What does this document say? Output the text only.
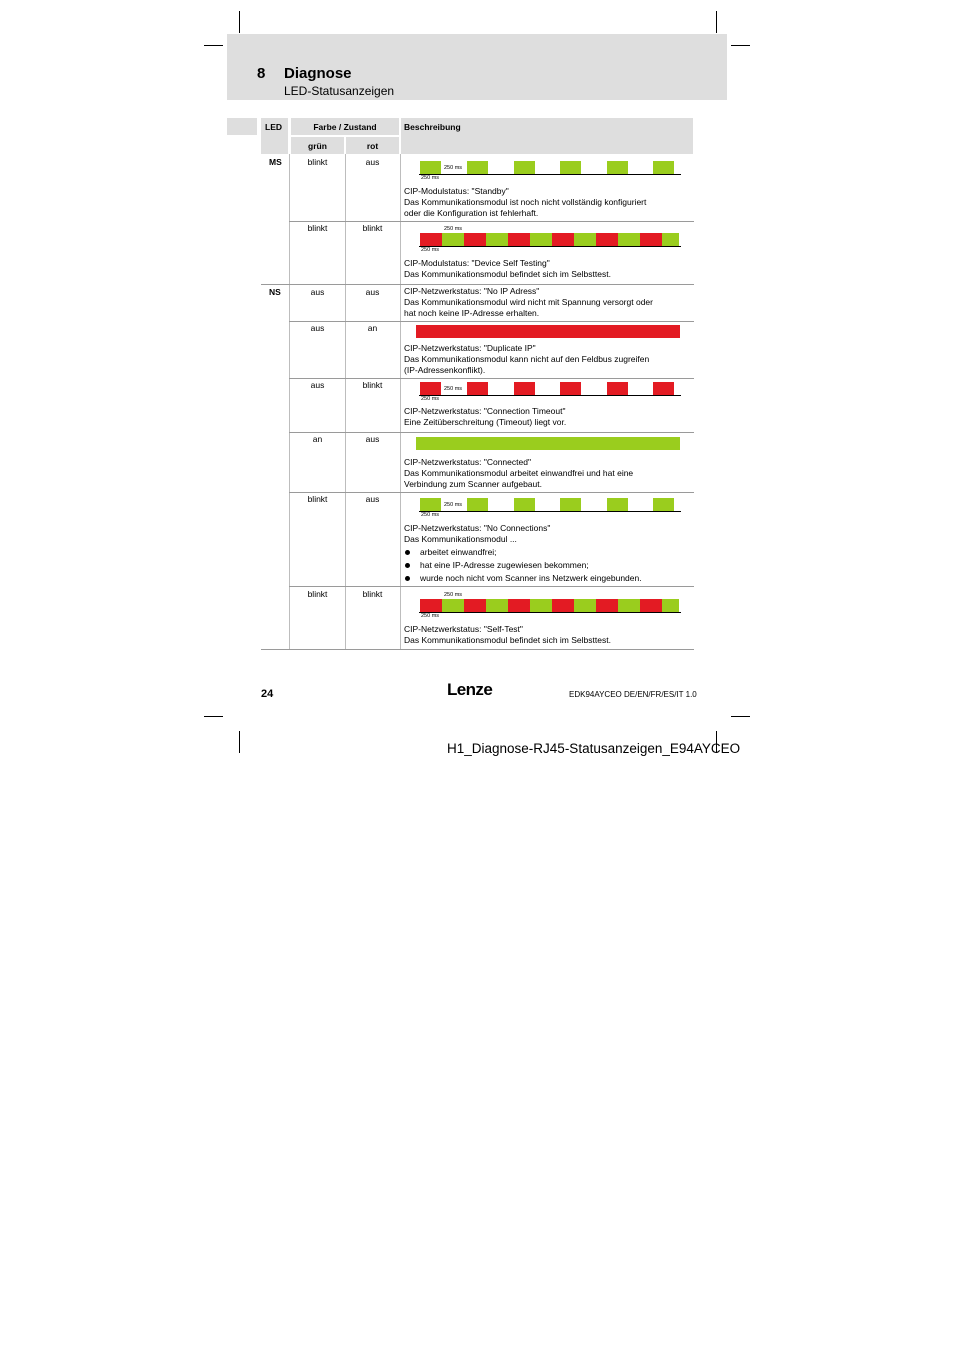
8 Diagnose
LED-Statusanzeigen
LED	Farbe / Zustand	Beschreibung
grün	rot
MS	blinkt	aus
250 ms
250 ms
CIP-Modulstatus: "Standby"
Das Kommunikationsmodul ist noch nicht vollständig konfiguriert
oder die Konfiguration ist fehlerhaft.
blinkt	blinkt	250 ms
250 ms
CIP-Modulstatus: "Device Self Testing"
Das Kommunikationsmodul befindet sich im Selbsttest.
NS	aus	aus	CIP-Netzwerkstatus: "No IP Adress"
Das Kommunikationsmodul wird nicht mit Spannung versorgt oder
hat noch keine IP-Adresse erhalten.
aus	an
CIP-Netzwerkstatus: "Duplicate IP"
Das Kommunikationsmodul kann nicht auf den Feldbus zugreifen
(IP-Adressenkonflikt).
aus	blinkt	250 ms
250 ms
CIP-Netzwerkstatus: "Connection Timeout"
Eine Zeitüberschreitung (Timeout) liegt vor.
an	aus
CIP-Netzwerkstatus: "Connected"
Das Kommunikationsmodul arbeitet einwandfrei und hat eine
Verbindung zum Scanner aufgebaut.
blinkt	aus
250 ms
250 ms
CIP-Netzwerkstatus: "No Connections"
Das Kommunikationsmodul ...
arbeitet einwandfrei;
hat eine IP-Adresse zugewiesen bekommen;
wurde noch nicht vom Scanner ins Netzwerk eingebunden.
blinkt	blinkt	250 ms
250 ms
CIP-Netzwerkstatus: "Self-Test"
Das Kommunikationsmodul befindet sich im Selbsttest.
24	Lenze	EDK94AYCEO DE/EN/FR/ES/IT 1.0
H1_Diagnose-RJ45-Statusanzeigen_E94AYCEO
